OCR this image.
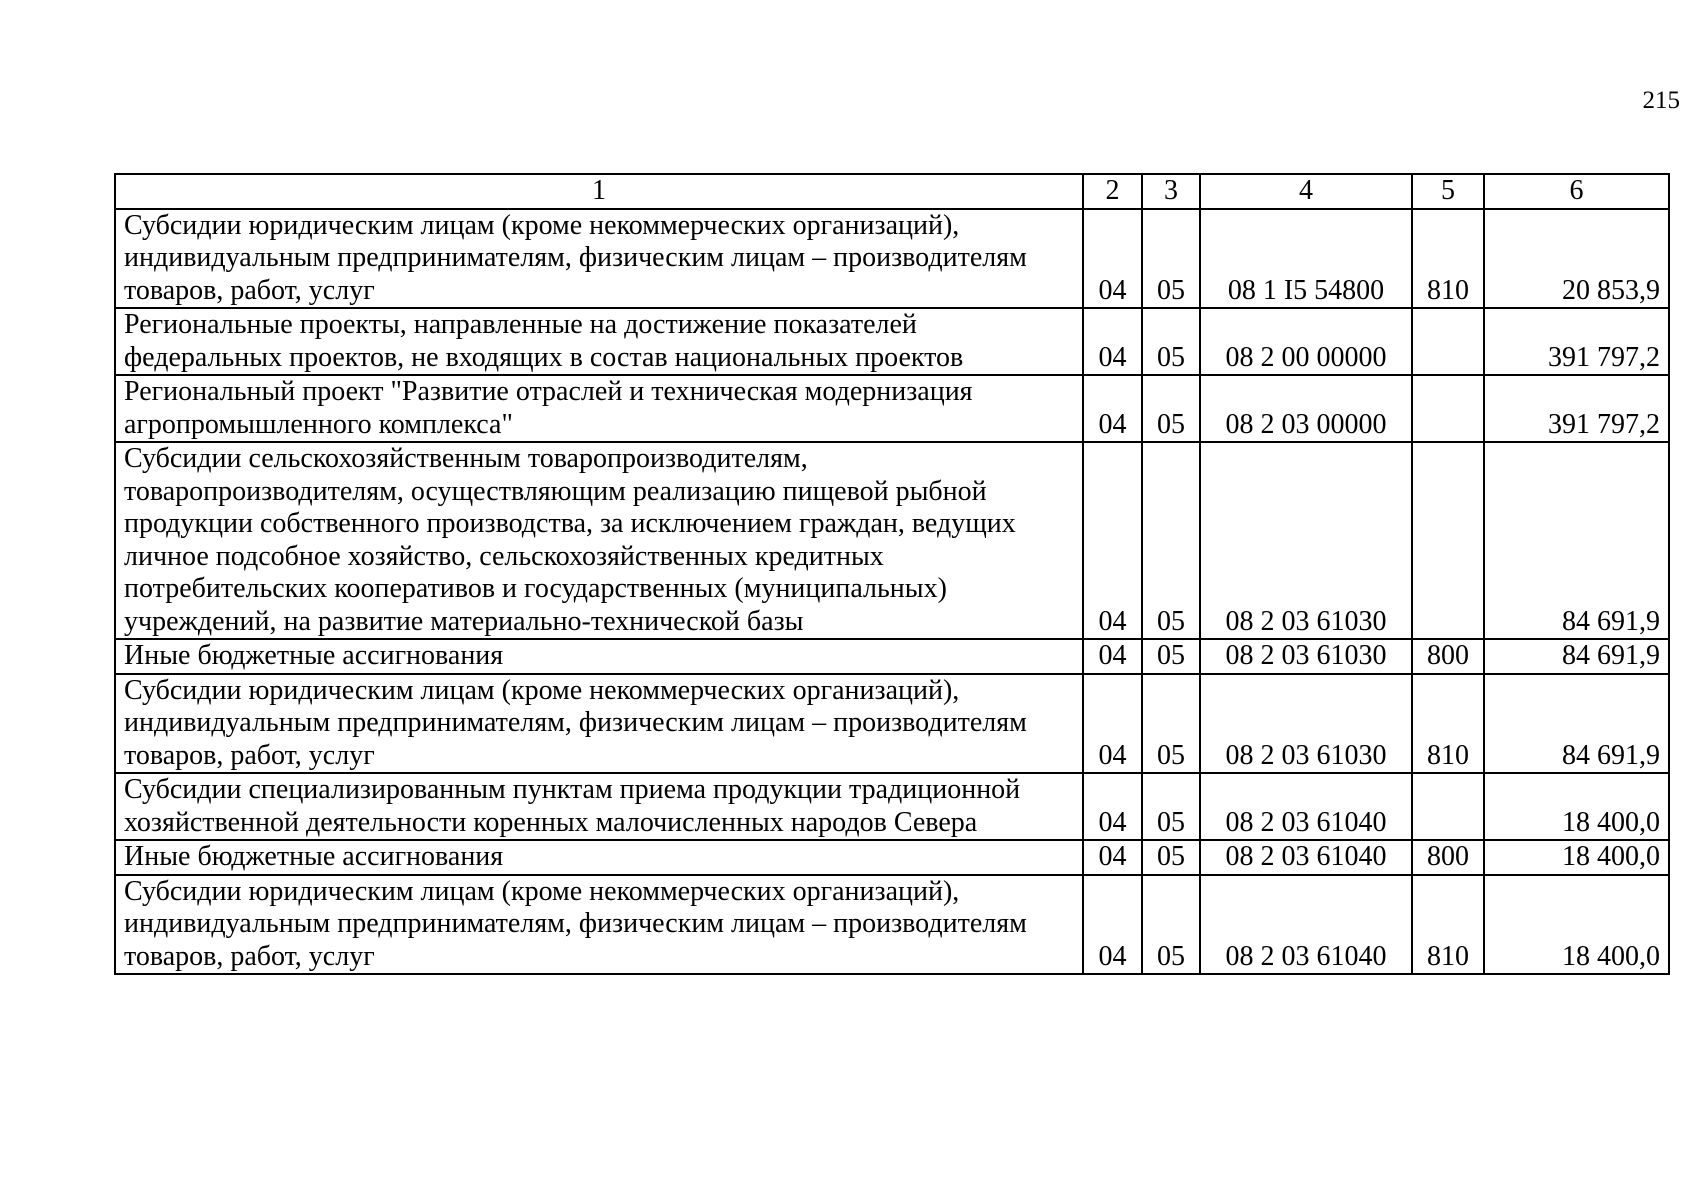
215
1	2	3	4	5	6
Субсидии юридическим лицам (кроме некоммерческих организаций), индивидуальным предпринимателям, физическим лицам – производителям товаров, работ, услуг	04	05	08 1 I5 54800	810	20 853,9
Региональные проекты, направленные на достижение показателей федеральных проектов, не входящих в состав национальных проектов	04	05	08 2 00 00000		391 797,2
Региональный проект "Развитие отраслей и техническая модернизация агропромышленного комплекса"	04	05	08 2 03 00000		391 797,2
Субсидии сельскохозяйственным товаропроизводителям, товаропроизводителям, осуществляющим реализацию пищевой рыбной продукции собственного производства, за исключением граждан, ведущих личное подсобное хозяйство, сельскохозяйственных кредитных потребительских кооперативов и государственных (муниципальных) учреждений, на развитие материально-технической базы	04	05	08 2 03 61030		84 691,9
Иные бюджетные ассигнования	04	05	08 2 03 61030	800	84 691,9
Субсидии юридическим лицам (кроме некоммерческих организаций), индивидуальным предпринимателям, физическим лицам – производителям товаров, работ, услуг	04	05	08 2 03 61030	810	84 691,9
Субсидии специализированным пунктам приема продукции традиционной хозяйственной деятельности коренных малочисленных народов Севера	04	05	08 2 03 61040		18 400,0
Иные бюджетные ассигнования	04	05	08 2 03 61040	800	18 400,0
Субсидии юридическим лицам (кроме некоммерческих организаций), индивидуальным предпринимателям, физическим лицам – производителям товаров, работ, услуг	04	05	08 2 03 61040	810	18 400,0
